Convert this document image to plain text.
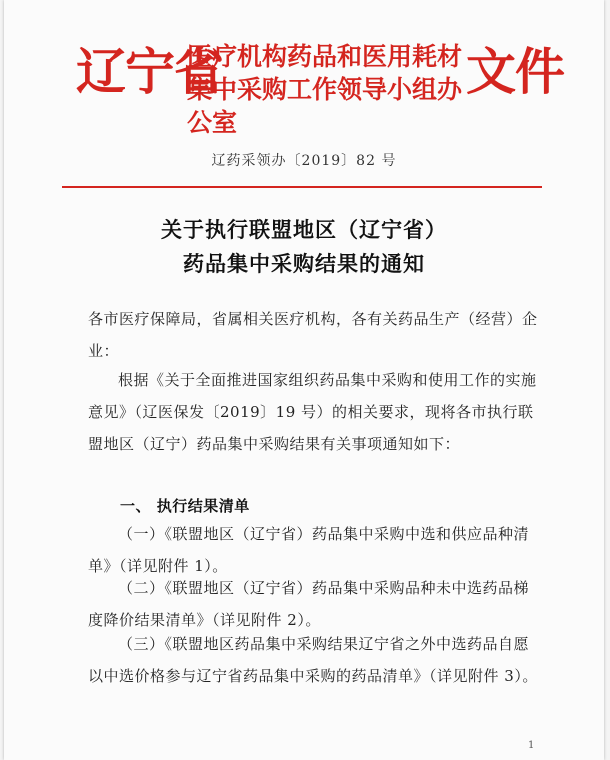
辽宁省
医疗机构药品和医用耗材
集中采购工作领导小组办公室
文件
辽药采领办〔2019〕82 号
关于执行联盟地区（辽宁省）
药品集中采购结果的通知
各市医疗保障局，省属相关医疗机构，各有关药品生产（经营）企业：
根据《关于全面推进国家组织药品集中采购和使用工作的实施意见》（辽医保发〔2019〕19 号）的相关要求，现将各市执行联盟地区（辽宁）药品集中采购结果有关事项通知如下：
一、 执行结果清单
（一）《联盟地区（辽宁省）药品集中采购中选和供应品种清单》（详见附件 1）。
（二）《联盟地区（辽宁省）药品集中采购品种未中选药品梯度降价结果清单》（详见附件 2）。
（三）《联盟地区药品集中采购结果辽宁省之外中选药品自愿以中选价格参与辽宁省药品集中采购的药品清单》（详见附件 3）。
1
